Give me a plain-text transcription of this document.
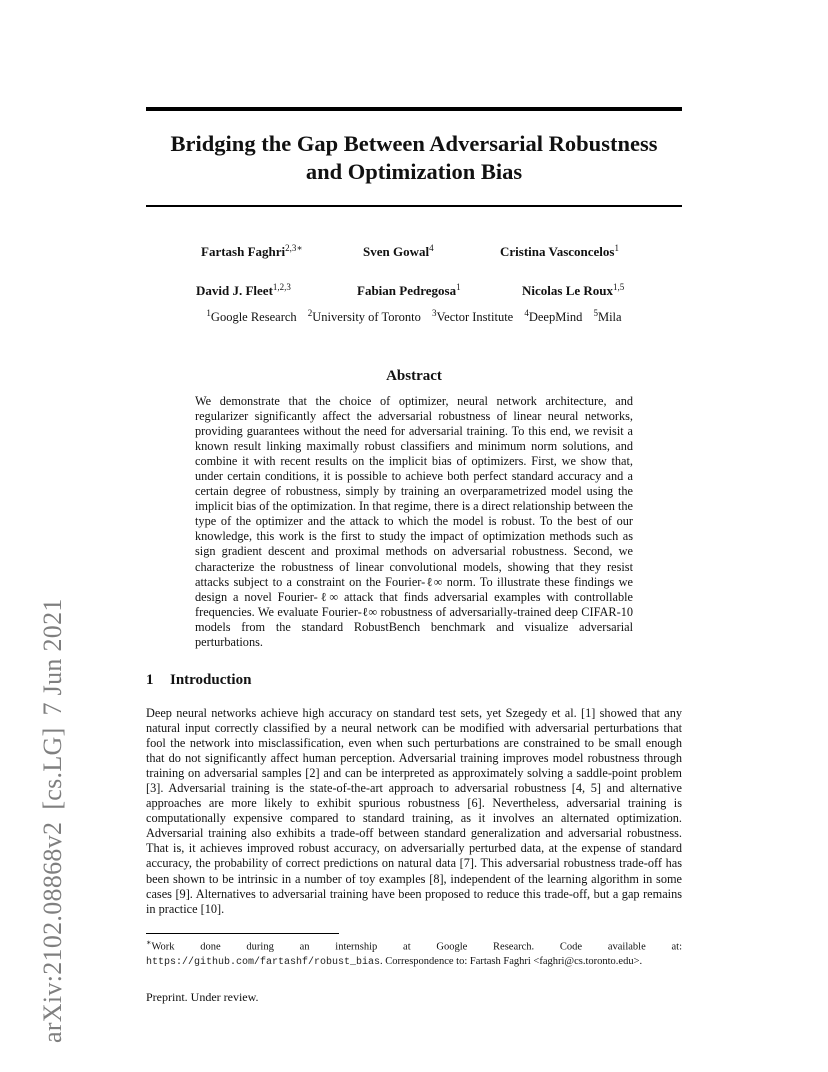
arXiv:2102.08868v2[cs.LG]7 Jun 2021
Bridging the Gap Between Adversarial Robustness
and Optimization Bias
Fartash Faghri$^{2,3∗}$	Sven Gowal$^4$	Cristina Vasconcelos$^1$
David J. Fleet$^{1,2,3}$	Fabian Pedregosa$^1$	Nicolas Le Roux$^{1,5}$
$^1$Google Research $^2$University of Toronto $^3$Vector Institute $^4$DeepMind $^5$Mila
Abstract

We demonstrate that the choice of optimizer, neural network architecture, and regularizer significantly affect the adversarial robustness of linear neural networks, providing guarantees without the need for adversarial training. To this end, we revisit a known result linking maximally robust classifiers and minimum norm solutions, and combine it with recent results on the implicit bias of optimizers. First, we show that, under certain conditions, it is possible to achieve both perfect standard accuracy and a certain degree of robustness, simply by training an overparametrized model using the implicit bias of the optimization. In that regime, there is a direct relationship between the type of the optimizer and the attack to which the model is robust. To the best of our knowledge, this work is the first to study the impact of optimization methods such as sign gradient descent and proximal methods on adversarial robustness. Second, we characterize the robustness of linear convolutional models, showing that they resist attacks subject to a constraint on the Fourier-ℓ∞ norm. To illustrate these findings we design a novel Fourier-ℓ∞ attack that finds adversarial examples with controllable frequencies. We evaluate Fourier-ℓ∞ robustness of adversarially-trained deep CIFAR-10 models from the standard RobustBench benchmark and visualize adversarial perturbations.

1 Introduction

Deep neural networks achieve high accuracy on standard test sets, yet Szegedy et al. [1] showed that any natural input correctly classified by a neural network can be modified with adversarial perturbations that fool the network into misclassification, even when such perturbations are constrained to be small enough that do not significantly affect human perception. Adversarial training improves model robustness through training on adversarial samples [2] and can be interpreted as approximately solving a saddle-point problem [3]. Adversarial training is the state-of-the-art approach to adversarial robustness [4, 5] and alternative approaches are more likely to exhibit spurious robustness [6]. Nevertheless, adversarial training is computationally expensive compared to standard training, as it involves an alternated optimization. Adversarial training also exhibits a trade-off between standard generalization and adversarial robustness. That is, it achieves improved robust accuracy, on adversarially perturbed data, at the expense of standard accuracy, the probability of correct predictions on natural data [7]. This adversarial robustness trade-off has been shown to be intrinsic in a number of toy examples [8], independent of the learning algorithm in some cases [9]. Alternatives to adversarial training have been proposed to reduce this trade-off, but a gap remains in practice [10].

∗Work done during an internship at Google Research. Code available at: https://github.com/fartashf/robust_bias. Correspondence to: Fartash Faghri <faghri@cs.toronto.edu>.

Preprint. Under review.
